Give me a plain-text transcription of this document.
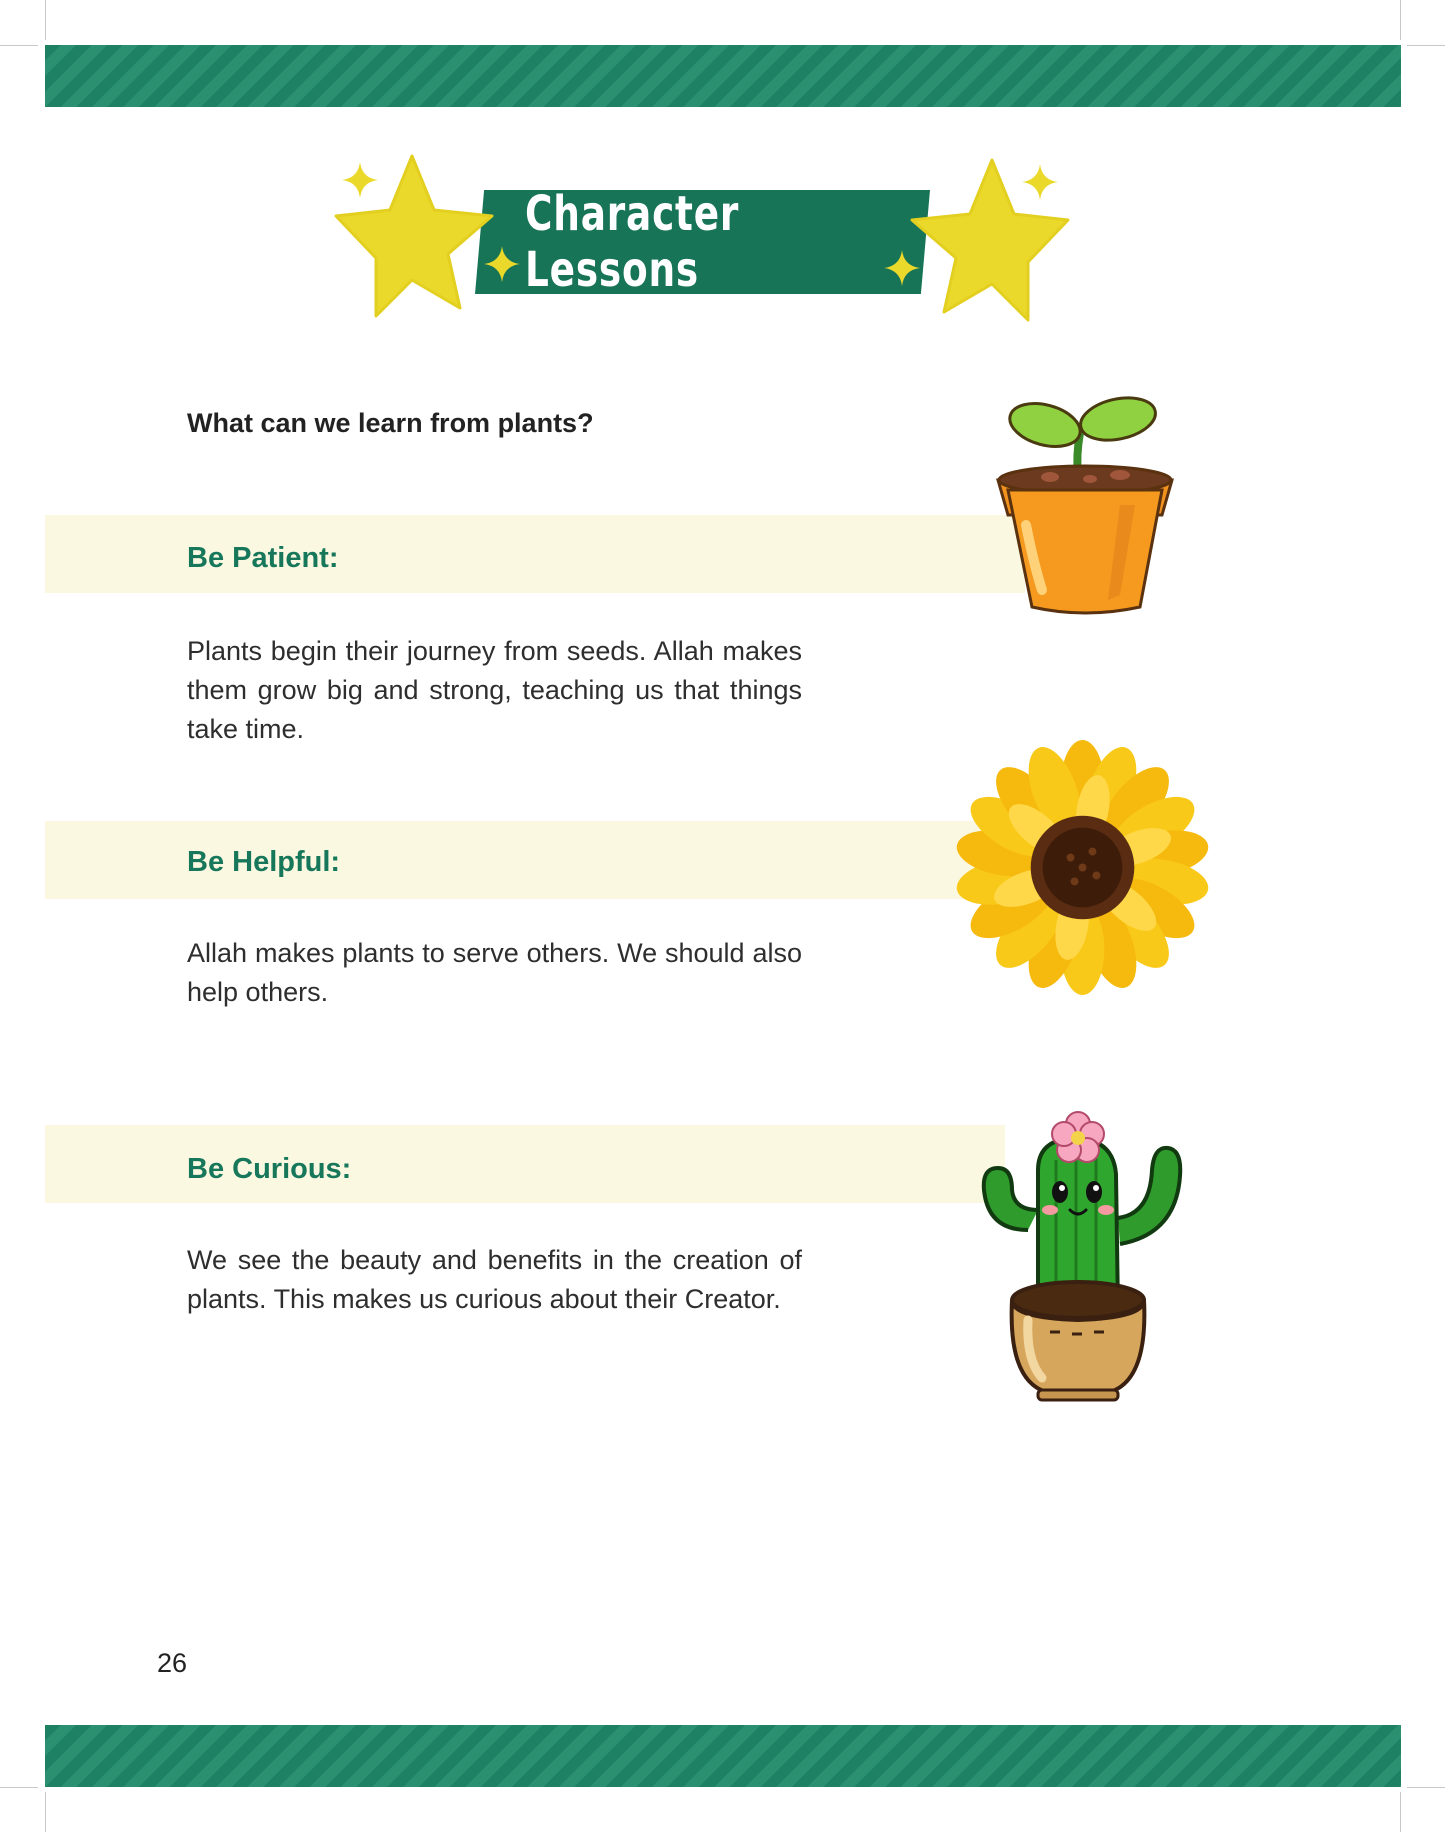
Character Lessons
What can we learn from plants?
Be Patient:
Plants begin their journey from seeds. Allah makes them grow big and strong, teaching us that things take time.
Be Helpful:
Allah makes plants to serve others. We should also help others.
Be Curious:
We see the beauty and benefits in the creation of plants. This makes us curious about their Creator.
26
